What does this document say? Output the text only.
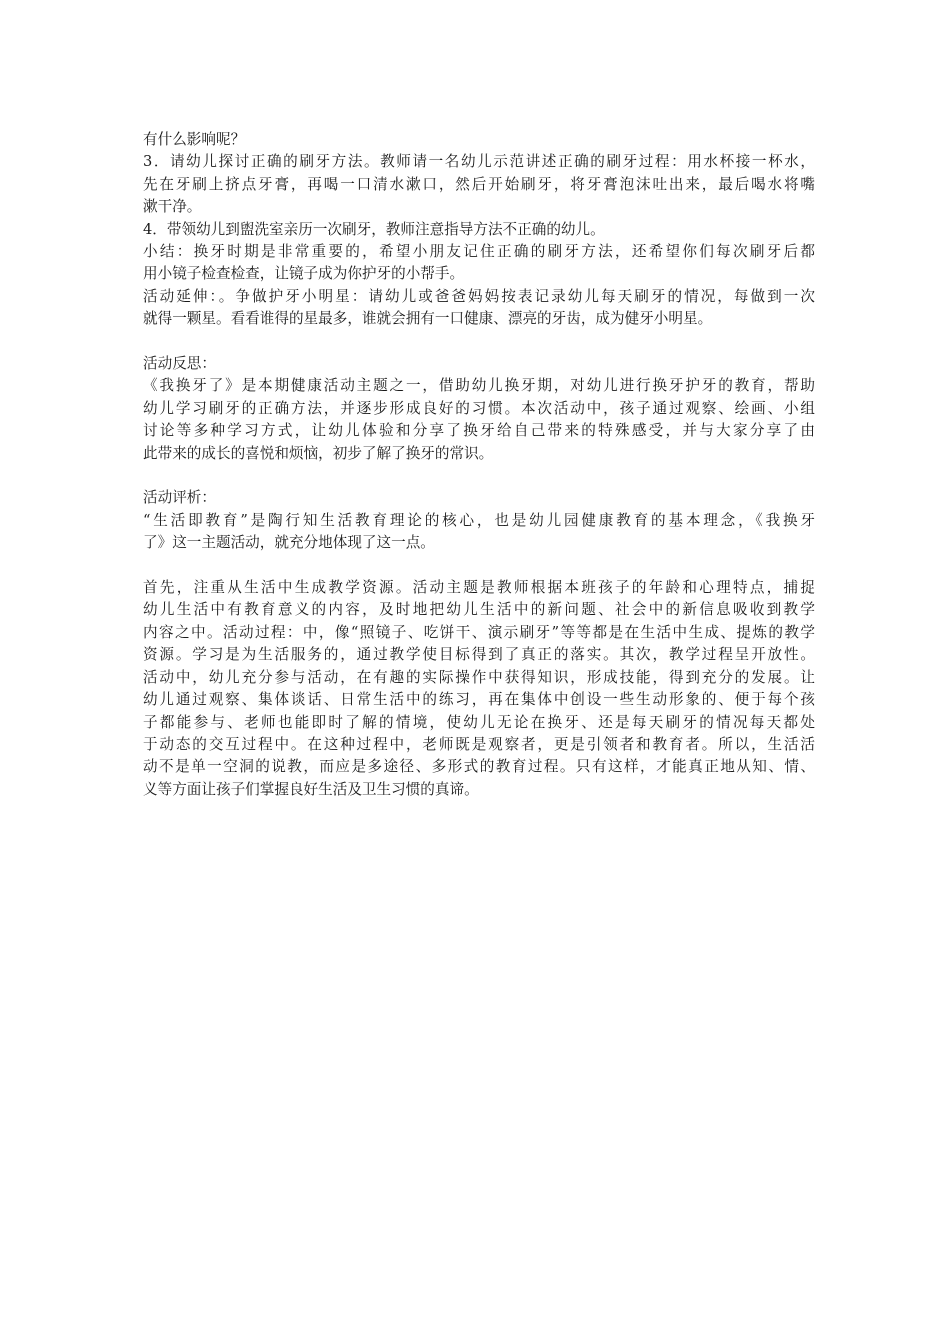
有什么影响呢？
3．请幼儿探讨正确的刷牙方法。教师请一名幼儿示范讲述正确的刷牙过程：用水杯接一杯水，
先在牙刷上挤点牙膏，再喝一口清水漱口，然后开始刷牙，将牙膏泡沫吐出来，最后喝水将嘴
漱干净。
4．带领幼儿到盥洗室亲历一次刷牙，教师注意指导方法不正确的幼儿。
小结：换牙时期是非常重要的，希望小朋友记住正确的刷牙方法，还希望你们每次刷牙后都
用小镜子检查检查，让镜子成为你护牙的小帮手。
活动延伸：。争做护牙小明星：请幼儿或爸爸妈妈按表记录幼儿每天刷牙的情况，每做到一次
就得一颗星。看看谁得的星最多，谁就会拥有一口健康、漂亮的牙齿，成为健牙小明星。
活动反思：
《我换牙了》是本期健康活动主题之一，借助幼儿换牙期，对幼儿进行换牙护牙的教育，帮助
幼儿学习刷牙的正确方法，并逐步形成良好的习惯。本次活动中，孩子通过观察、绘画、小组
讨论等多种学习方式，让幼儿体验和分享了换牙给自己带来的特殊感受，并与大家分享了由
此带来的成长的喜悦和烦恼，初步了解了换牙的常识。
活动评析：
“生活即教育”是陶行知生活教育理论的核心，也是幼儿园健康教育的基本理念，《我换牙
了》这一主题活动，就充分地体现了这一点。
首先，注重从生活中生成教学资源。活动主题是教师根据本班孩子的年龄和心理特点，捕捉
幼儿生活中有教育意义的内容，及时地把幼儿生活中的新问题、社会中的新信息吸收到教学
内容之中。活动过程：中，像“照镜子、吃饼干、演示刷牙”等等都是在生活中生成、提炼的教学
资源。学习是为生活服务的，通过教学使目标得到了真正的落实。其次，教学过程呈开放性。
活动中，幼儿充分参与活动，在有趣的实际操作中获得知识，形成技能，得到充分的发展。让
幼儿通过观察、集体谈话、日常生活中的练习，再在集体中创设一些生动形象的、便于每个孩
子都能参与、老师也能即时了解的情境，使幼儿无论在换牙、还是每天刷牙的情况每天都处
于动态的交互过程中。在这种过程中，老师既是观察者，更是引领者和教育者。所以，生活活
动不是单一空洞的说教，而应是多途径、多形式的教育过程。只有这样，才能真正地从知、情、
义等方面让孩子们掌握良好生活及卫生习惯的真谛。
